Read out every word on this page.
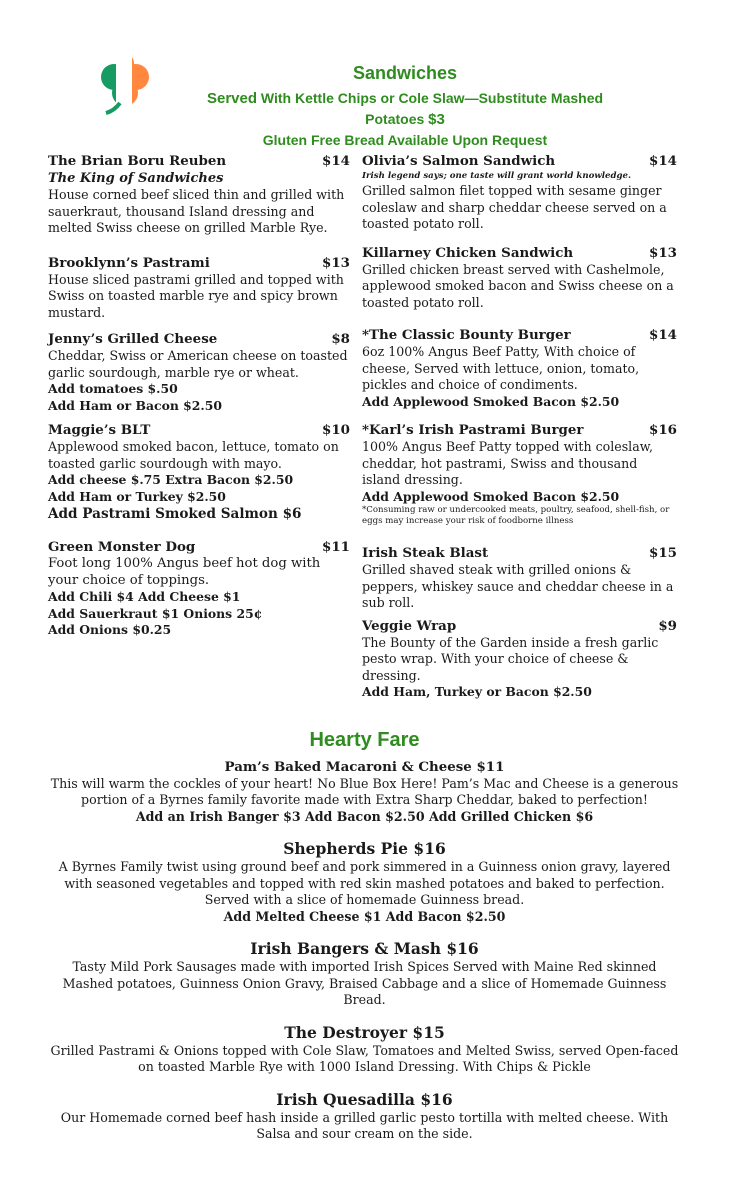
Sandwiches
Served With Kettle Chips or Cole Slaw—Substitute Mashed Potatoes $3
Gluten Free Bread Available Upon Request
The Brian Boru Reuben	$14
The King of Sandwiches
House corned beef sliced thin and grilled with sauerkraut, thousand Island dressing and melted Swiss cheese on grilled Marble Rye.
Brooklynn’s Pastrami	$13
House sliced pastrami grilled and topped with Swiss on toasted marble rye and spicy brown mustard.
Jenny’s Grilled Cheese	$8
Cheddar, Swiss or American cheese on toasted garlic sourdough, marble rye or wheat.
Add tomatoes $.50
Add Ham or Bacon $2.50
Maggie’s BLT	$10
Applewood smoked bacon, lettuce, tomato on toasted garlic sourdough with mayo.
Add cheese $.75 Extra Bacon $2.50
Add Ham or Turkey $2.50
Add Pastrami Smoked Salmon $6
Green Monster Dog	$11
Foot long 100% Angus beef hot dog with your choice of toppings.
Add Chili $4 Add Cheese $1
Add Sauerkraut $1 Onions 25¢
Add Onions $0.25
Olivia’s Salmon Sandwich	$14
Irish legend says; one taste will grant world knowledge.
Grilled salmon filet topped with sesame ginger coleslaw and sharp cheddar cheese served on a toasted potato roll.
Killarney Chicken Sandwich	$13
Grilled chicken breast served with Cashelmole, applewood smoked bacon and Swiss cheese on a toasted potato roll.
*The Classic Bounty Burger	$14
6oz 100% Angus Beef Patty, With choice of cheese, Served with lettuce, onion, tomato, pickles and choice of condiments.
Add Applewood Smoked Bacon $2.50
*Karl’s Irish Pastrami Burger	$16
100% Angus Beef Patty topped with coleslaw, cheddar, hot pastrami, Swiss and thousand island dressing.
Add Applewood Smoked Bacon $2.50
*Consuming raw or undercooked meats, poultry, seafood, shell-fish, or eggs may increase your risk of foodborne illness
Irish Steak Blast	$15
Grilled shaved steak with grilled onions & peppers, whiskey sauce and cheddar cheese in a sub roll.
Veggie Wrap	$9
The Bounty of the Garden inside a fresh garlic pesto wrap. With your choice of cheese & dressing.
Add Ham, Turkey or Bacon $2.50
Hearty Fare
Pam’s Baked Macaroni & Cheese $11
This will warm the cockles of your heart! No Blue Box Here! Pam’s Mac and Cheese is a generous portion of a Byrnes family favorite made with Extra Sharp Cheddar, baked to perfection!
Add an Irish Banger $3 Add Bacon $2.50 Add Grilled Chicken $6
Shepherds Pie $16
A Byrnes Family twist using ground beef and pork simmered in a Guinness onion gravy, layered with seasoned vegetables and topped with red skin mashed potatoes and baked to perfection. Served with a slice of homemade Guinness bread.
Add Melted Cheese $1 Add Bacon $2.50
Irish Bangers & Mash $16
Tasty Mild Pork Sausages made with imported Irish Spices Served with Maine Red skinned Mashed potatoes, Guinness Onion Gravy, Braised Cabbage and a slice of Homemade Guinness Bread.
The Destroyer $15
Grilled Pastrami & Onions topped with Cole Slaw, Tomatoes and Melted Swiss, served Open-faced on toasted Marble Rye with 1000 Island Dressing. With Chips & Pickle
Irish Quesadilla $16
Our Homemade corned beef hash inside a grilled garlic pesto tortilla with melted cheese. With Salsa and sour cream on the side.
